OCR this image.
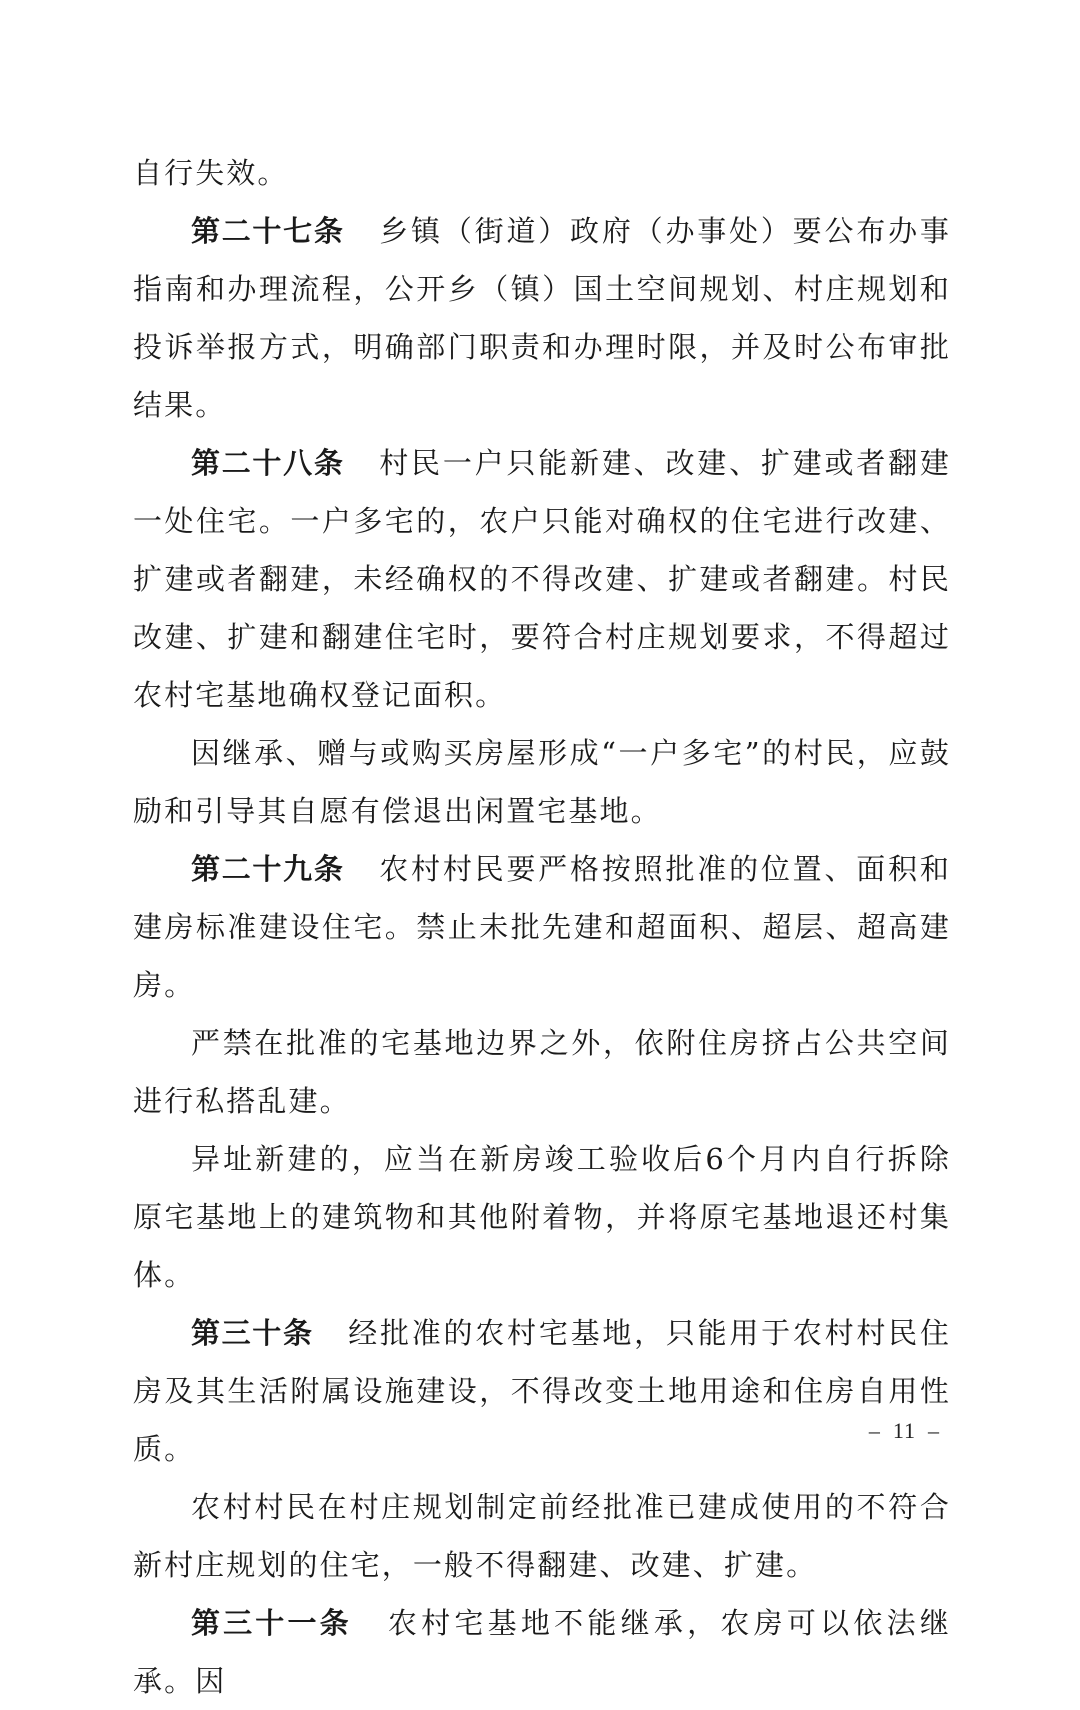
自行失效。

第二十七条 乡镇（街道）政府（办事处）要公布办事指南和办理流程，公开乡（镇）国土空间规划、村庄规划和投诉举报方式，明确部门职责和办理时限，并及时公布审批结果。

第二十八条 村民一户只能新建、改建、扩建或者翻建一处住宅。一户多宅的，农户只能对确权的住宅进行改建、扩建或者翻建，未经确权的不得改建、扩建或者翻建。村民改建、扩建和翻建住宅时，要符合村庄规划要求，不得超过农村宅基地确权登记面积。

因继承、赠与或购买房屋形成“一户多宅”的村民，应鼓励和引导其自愿有偿退出闲置宅基地。

第二十九条 农村村民要严格按照批准的位置、面积和建房标准建设住宅。禁止未批先建和超面积、超层、超高建房。

严禁在批准的宅基地边界之外，依附住房挤占公共空间进行私搭乱建。

异址新建的，应当在新房竣工验收后6个月内自行拆除原宅基地上的建筑物和其他附着物，并将原宅基地退还村集体。

第三十条 经批准的农村宅基地，只能用于农村村民住房及其生活附属设施建设，不得改变土地用途和住房自用性质。

农村村民在村庄规划制定前经批准已建成使用的不符合新村庄规划的住宅，一般不得翻建、改建、扩建。

第三十一条 农村宅基地不能继承，农房可以依法继承。因

– 11 –
